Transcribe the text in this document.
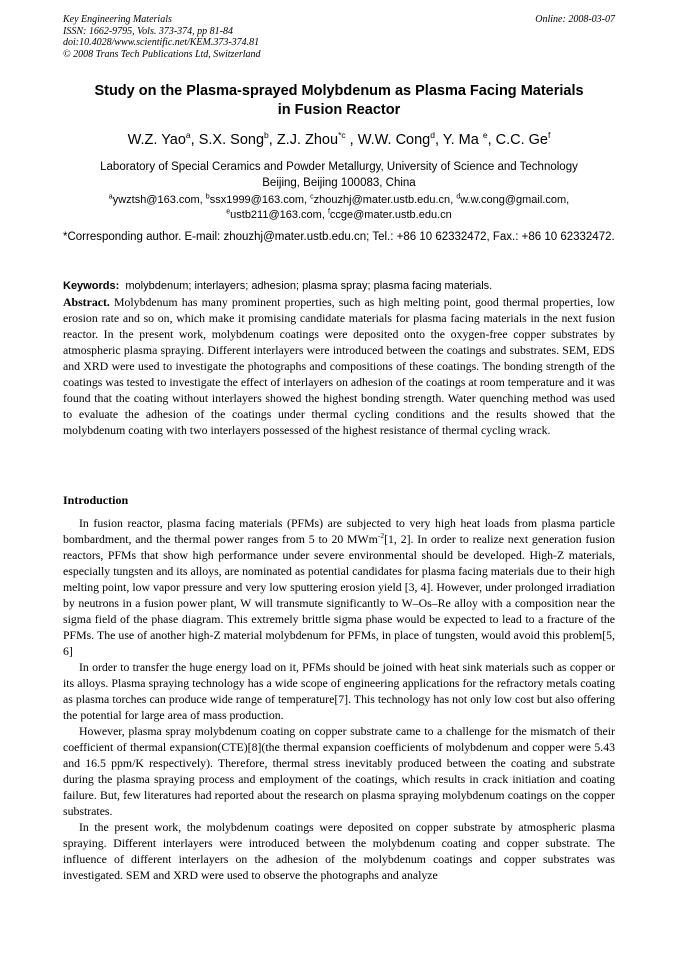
Key Engineering Materials
ISSN: 1662-9795, Vols. 373-374, pp 81-84
doi:10.4028/www.scientific.net/KEM.373-374.81
© 2008 Trans Tech Publications Ltd, Switzerland
Online: 2008-03-07
Study on the Plasma-sprayed Molybdenum as Plasma Facing Materials
in Fusion Reactor
W.Z. Yao$^a$, S.X. Song$^b$, Z.J. Zhou$^{*c}$ , W.W. Cong$^d$, Y. Ma $^e$, C.C. Ge$^f$
Laboratory of Special Ceramics and Powder Metallurgy, University of Science and Technology
Beijing, Beijing 100083, China
$^a$ywztsh@163.com, $^b$ssx1999@163.com, $^c$zhouzhj@mater.ustb.edu.cn, $^d$w.w.cong@gmail.com,
$^e$ustb211@163.com, $^f$ccge@mater.ustb.edu.cn
*Corresponding author. E-mail: zhouzhj@mater.ustb.edu.cn; Tel.: +86 10 62332472, Fax.: +86 10 62332472.
Keywords: molybdenum; interlayers; adhesion; plasma spray; plasma facing materials.
Abstract. Molybdenum has many prominent properties, such as high melting point, good thermal properties, low erosion rate and so on, which make it promising candidate materials for plasma facing materials in the next fusion reactor. In the present work, molybdenum coatings were deposited onto the oxygen-free copper substrates by atmospheric plasma spraying. Different interlayers were introduced between the coatings and substrates. SEM, EDS and XRD were used to investigate the photographs and compositions of these coatings. The bonding strength of the coatings was tested to investigate the effect of interlayers on adhesion of the coatings at room temperature and it was found that the coating without interlayers showed the highest bonding strength. Water quenching method was used to evaluate the adhesion of the coatings under thermal cycling conditions and the results showed that the molybdenum coating with two interlayers possessed of the highest resistance of thermal cycling wrack.
Introduction

In fusion reactor, plasma facing materials (PFMs) are subjected to very high heat loads from plasma particle bombardment, and the thermal power ranges from 5 to 20 MWm$^{-2}$[1, 2]. In order to realize next generation fusion reactors, PFMs that show high performance under severe environmental should be developed. High-Z materials, especially tungsten and its alloys, are nominated as potential candidates for plasma facing materials due to their high melting point, low vapor pressure and very low sputtering erosion yield [3, 4]. However, under prolonged irradiation by neutrons in a fusion power plant, W will transmute significantly to W–Os–Re alloy with a composition near the sigma field of the phase diagram. This extremely brittle sigma phase would be expected to lead to a fracture of the PFMs. The use of another high-Z material molybdenum for PFMs, in place of tungsten, would avoid this problem[5, 6]

In order to transfer the huge energy load on it, PFMs should be joined with heat sink materials such as copper or its alloys. Plasma spraying technology has a wide scope of engineering applications for the refractory metals coating as plasma torches can produce wide range of temperature[7]. This technology has not only low cost but also offering the potential for large area of mass production.

However, plasma spray molybdenum coating on copper substrate came to a challenge for the mismatch of their coefficient of thermal expansion(CTE)[8](the thermal expansion coefficients of molybdenum and copper were 5.43 and 16.5 ppm/K respectively). Therefore, thermal stress inevitably produced between the coating and substrate during the plasma spraying process and employment of the coatings, which results in crack initiation and coating failure. But, few literatures had reported about the research on plasma spraying molybdenum coatings on the copper substrates.

In the present work, the molybdenum coatings were deposited on copper substrate by atmospheric plasma spraying. Different interlayers were introduced between the molybdenum coating and copper substrate. The influence of different interlayers on the adhesion of the molybdenum coatings and copper substrates was investigated. SEM and XRD were used to observe the photographs and analyze
